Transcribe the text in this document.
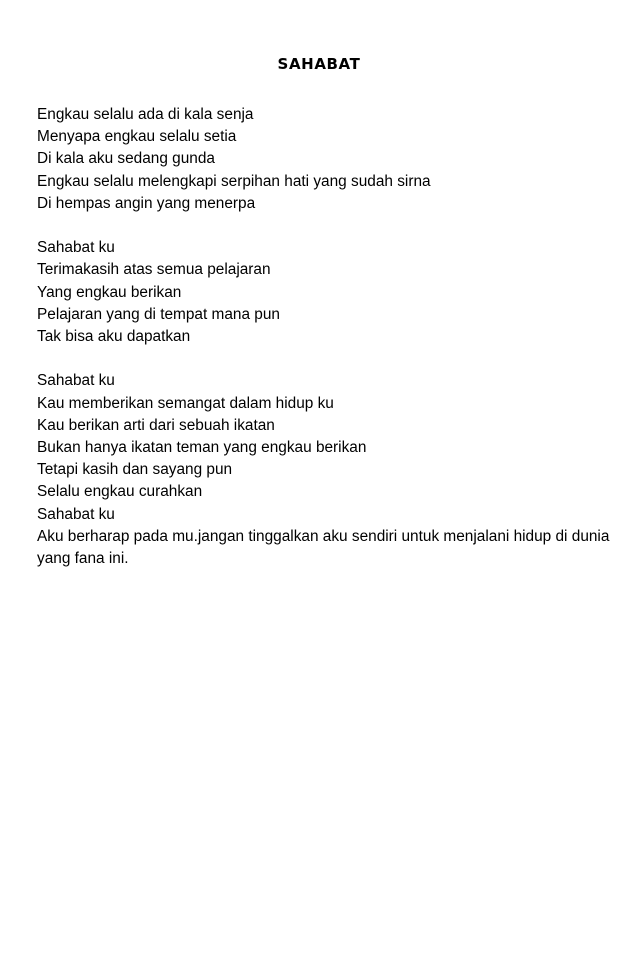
SAHABAT
Engkau selalu ada di kala senja
Menyapa engkau selalu setia
Di kala aku sedang gunda
Engkau selalu melengkapi serpihan hati yang sudah sirna
Di hempas angin yang menerpa
Sahabat ku
Terimakasih atas semua pelajaran
Yang engkau berikan
Pelajaran yang di tempat mana pun
Tak bisa aku dapatkan
Sahabat ku
Kau memberikan semangat dalam hidup ku
Kau berikan arti dari sebuah ikatan
Bukan hanya ikatan teman yang engkau berikan
Tetapi kasih dan sayang pun
Selalu engkau curahkan
Sahabat ku
Aku berharap pada mu.jangan tinggalkan aku sendiri untuk menjalani hidup di dunia yang fana ini.
